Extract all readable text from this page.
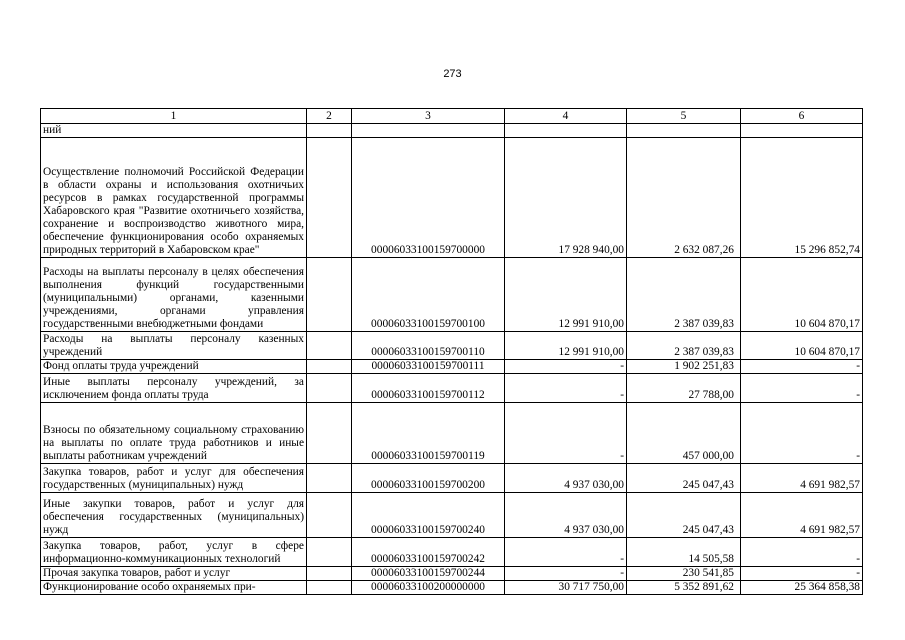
273
1	2	3	4	5	6
ний					
Осуществление полномочий Российской Федерации в области охраны и использования охотничьих ресурсов в рамках государственной программы Хабаровского края "Развитие охотничьего хозяйства, сохранение и воспроизводство животного мира, обеспечение функционирования особо охраняемых природных территорий в Хабаровском крае"		00006033100159700000	17 928 940,00	2 632 087,26	15 296 852,74
Расходы на выплаты персоналу в целях обеспечения выполнения функций государственными (муниципальными) органами, казенными учреждениями, органами управления государственными внебюджетными фондами		00006033100159700100	12 991 910,00	2 387 039,83	10 604 870,17
Расходы на выплаты персоналу казенных учреждений		00006033100159700110	12 991 910,00	2 387 039,83	10 604 870,17
Фонд оплаты труда учреждений		00006033100159700111	-	1 902 251,83	-
Иные выплаты персоналу учреждений, за исключением фонда оплаты труда		00006033100159700112	-	27 788,00	-
Взносы по обязательному социальному страхованию на выплаты по оплате труда работников и иные выплаты работникам учреждений		00006033100159700119	-	457 000,00	-
Закупка товаров, работ и услуг для обеспечения государственных (муниципальных) нужд		00006033100159700200	4 937 030,00	245 047,43	4 691 982,57
Иные закупки товаров, работ и услуг для обеспечения государственных (муниципальных) нужд		00006033100159700240	4 937 030,00	245 047,43	4 691 982,57
Закупка товаров, работ, услуг в сфере информационно-коммуникационных технологий		00006033100159700242	-	14 505,58	-
Прочая закупка товаров, работ и услуг		00006033100159700244	-	230 541,85	-
Функционирование особо охраняемых при-		00006033100200000000	30 717 750,00	5 352 891,62	25 364 858,38
